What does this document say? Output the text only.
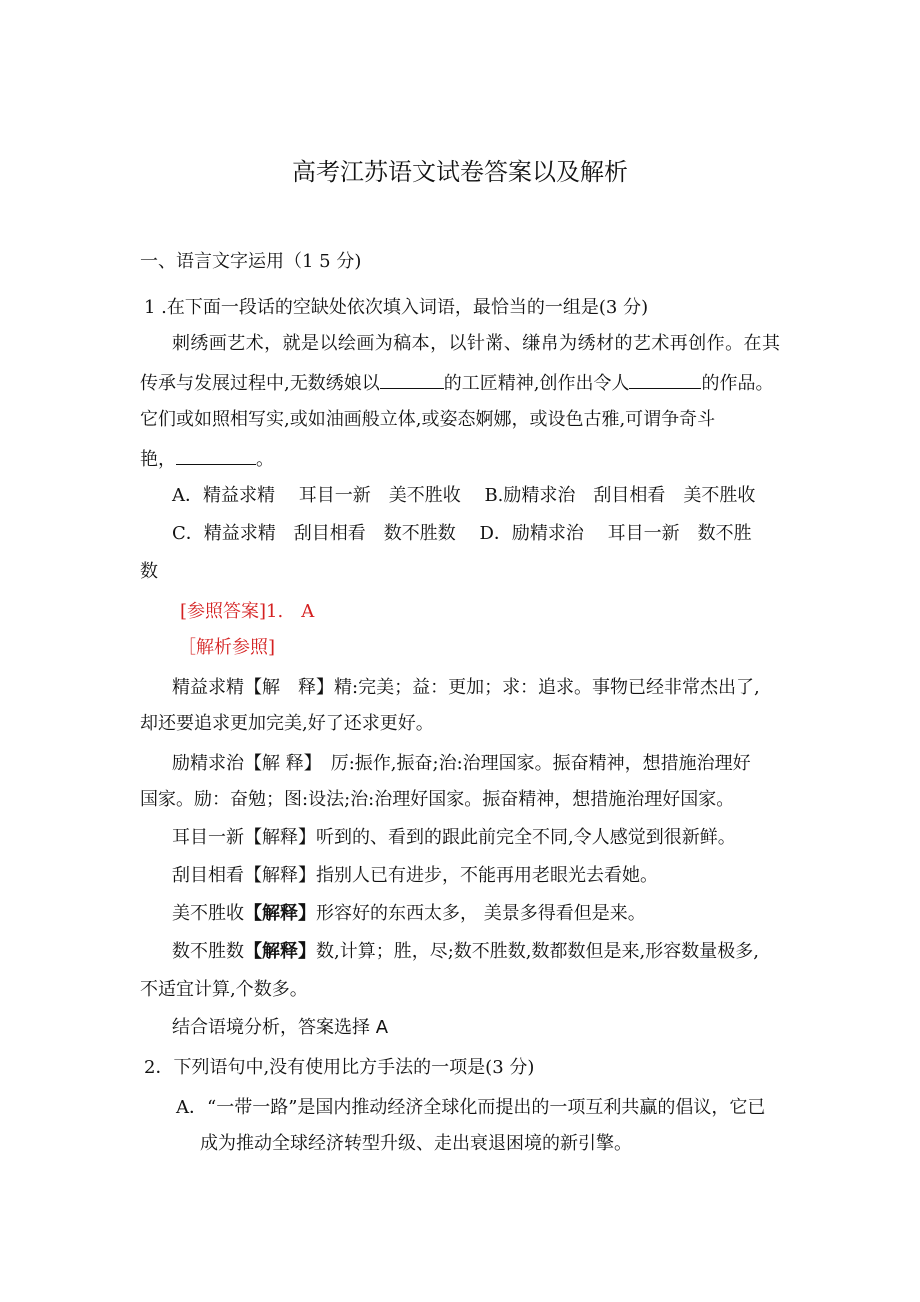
高考江苏语文试卷答案以及解析
一、语言文字运用（1 5 分)
1 .在下面一段话的空缺处依次填入词语，最恰当的一组是(3 分)
刺绣画艺术，就是以绘画为稿本，以针黹、缣帛为绣材的艺术再创作。在其
传承与发展过程中,无数绣娘以	的工匠精神,创作出令人	的作品。
它们或如照相写实,或如油画般立体,或姿态婀娜，或设色古雅,可谓争奇斗
艳，	。
A．精益求精　 耳目一新　美不胜收　 B.励精求治　刮目相看　美不胜收
C．精益求精　刮目相看　数不胜数　 D．励精求治　 耳目一新　数不胜
数
[参照答案]1.　A
［解析参照]
精益求精【解　释】精:完美；益：更加；求：追求。事物已经非常杰出了,
却还要追求更加完美,好了还求更好。
励精求治【解 释】　厉:振作,振奋;治:治理国家。振奋精神，想措施治理好
国家。励：奋勉；图:设法;治:治理好国家。振奋精神，想措施治理好国家。
耳目一新【解释】听到的、看到的跟此前完全不同,令人感觉到很新鲜。
刮目相看【解释】指别人已有进步，不能再用老眼光去看她。
美不胜收【解释】形容好的东西太多， 美景多得看但是来。
数不胜数【解释】数,计算；胜，尽;数不胜数,数都数但是来,形容数量极多,
不适宜计算,个数多。
结合语境分析，答案选择 A
2．下列语句中,没有使用比方手法的一项是(3 分)
A．“一带一路”是国内推动经济全球化而提出的一项互利共赢的倡议，它已
成为推动全球经济转型升级、走出衰退困境的新引擎。
